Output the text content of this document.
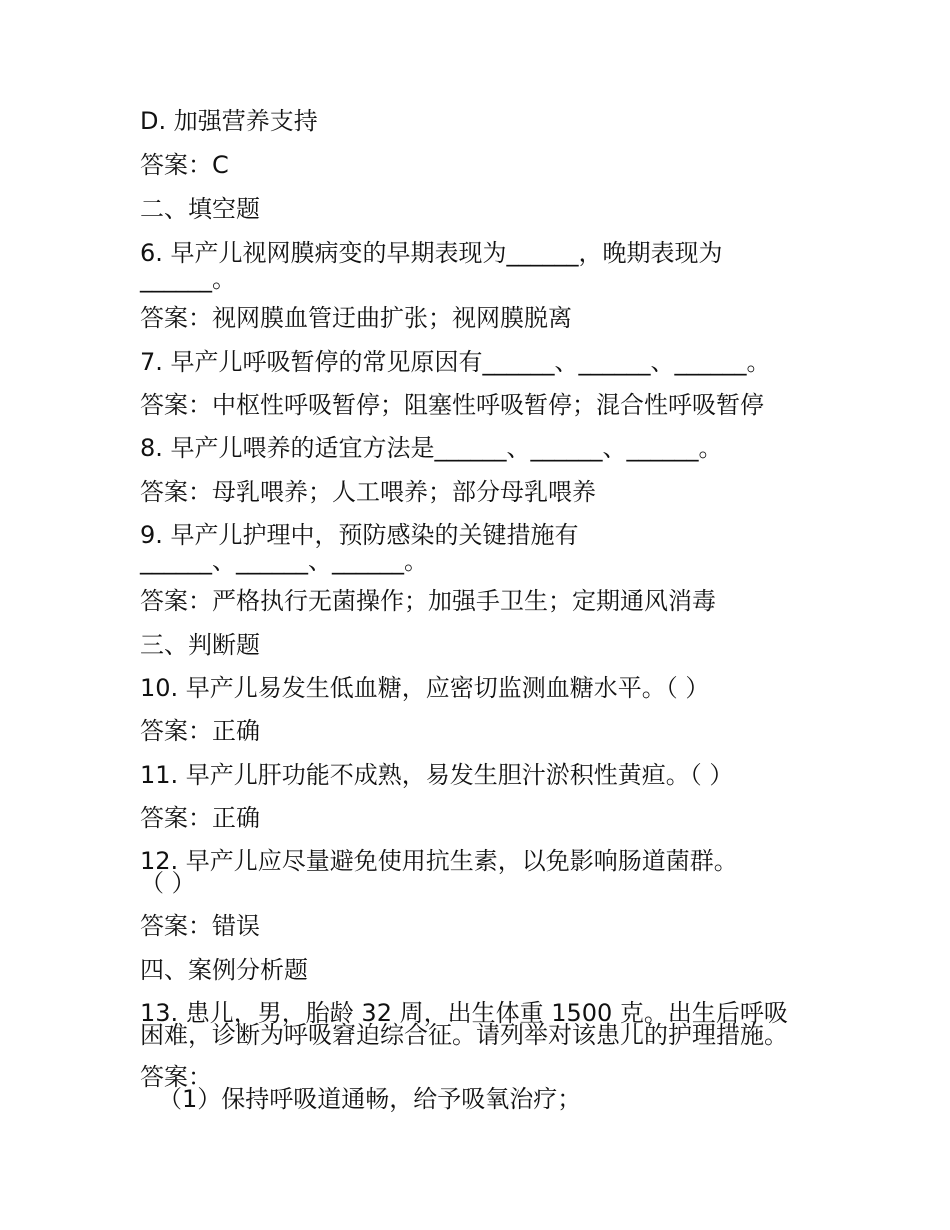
D. 加强营养支持
答案：C
二、填空题
6. 早产儿视网膜病变的早期表现为______，晚期表现为
______。
答案：视网膜血管迂曲扩张；视网膜脱离
7. 早产儿呼吸暂停的常见原因有______、______、______。
答案：中枢性呼吸暂停；阻塞性呼吸暂停；混合性呼吸暂停
8. 早产儿喂养的适宜方法是______、______、______。
答案：母乳喂养；人工喂养；部分母乳喂养
9. 早产儿护理中，预防感染的关键措施有
______、______、______。
答案：严格执行无菌操作；加强手卫生；定期通风消毒
三、判断题
10. 早产儿易发生低血糖，应密切监测血糖水平。（ ）
答案：正确
11. 早产儿肝功能不成熟，易发生胆汁淤积性黄疸。（ ）
答案：正确
12. 早产儿应尽量避免使用抗生素，以免影响肠道菌群。
（ ）
答案：错误
四、案例分析题
13. 患儿，男，胎龄 32 周，出生体重 1500 克。出生后呼吸
困难，诊断为呼吸窘迫综合征。请列举对该患儿的护理措施。
答案：
（1）保持呼吸道通畅，给予吸氧治疗；
